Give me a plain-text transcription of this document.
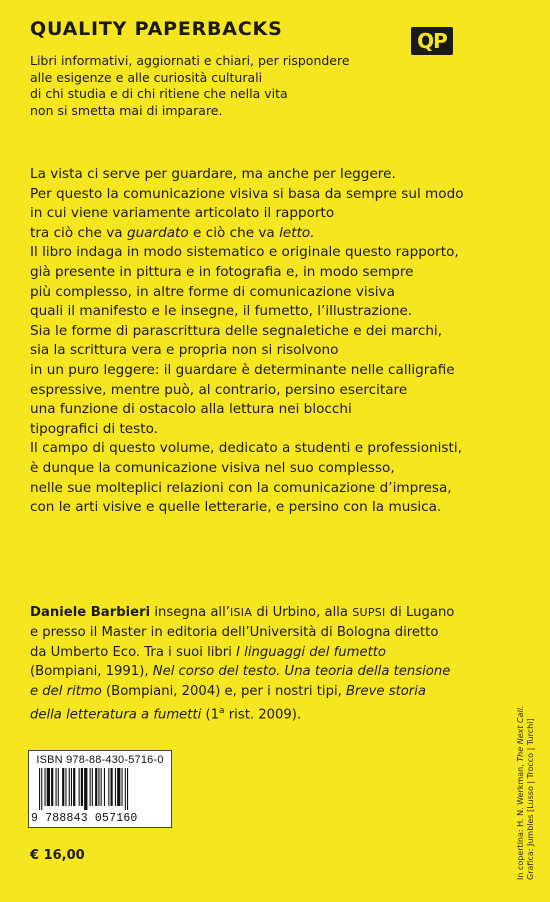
QUALITY PAPERBACKS	QP
Libri informativi, aggiornati e chiari, per rispondere
alle esigenze e alle curiosità culturali
di chi studia e di chi ritiene che nella vita
non si smetta mai di imparare.
La vista ci serve per guardare, ma anche per leggere.
Per questo la comunicazione visiva si basa da sempre sul modo
in cui viene variamente articolato il rapporto
tra ciò che va guardato e ciò che va letto.
Il libro indaga in modo sistematico e originale questo rapporto,
già presente in pittura e in fotografia e, in modo sempre
più complesso, in altre forme di comunicazione visiva
quali il manifesto e le insegne, il fumetto, l’illustrazione.
Sia le forme di parascrittura delle segnaletiche e dei marchi,
sia la scrittura vera e propria non si risolvono
in un puro leggere: il guardare è determinante nelle calligrafie
espressive, mentre può, al contrario, persino esercitare
una funzione di ostacolo alla lettura nei blocchi
tipografici di testo.
Il campo di questo volume, dedicato a studenti e professionisti,
è dunque la comunicazione visiva nel suo complesso,
nelle sue molteplici relazioni con la comunicazione d’impresa,
con le arti visive e quelle letterarie, e persino con la musica.
Daniele Barbieri insegna all’ISIA di Urbino, alla SUPSI di Lugano
e presso il Master in editoria dell’Università di Bologna diretto
da Umberto Eco. Tra i suoi libri I linguaggi del fumetto
(Bompiani, 1991), Nel corso del testo. Una teoria della tensione
e del ritmo (Bompiani, 2004) e, per i nostri tipi, Breve storia
della letteratura a fumetti (1$^a$ rist. 2009).
ISBN 978-88-430-5716-0
9 788843 057160
€ 16,00	In copertina: H. N. Werkman, The Next Call. Grafica: Jumbles [Lusso | Trocco | Turchi]
